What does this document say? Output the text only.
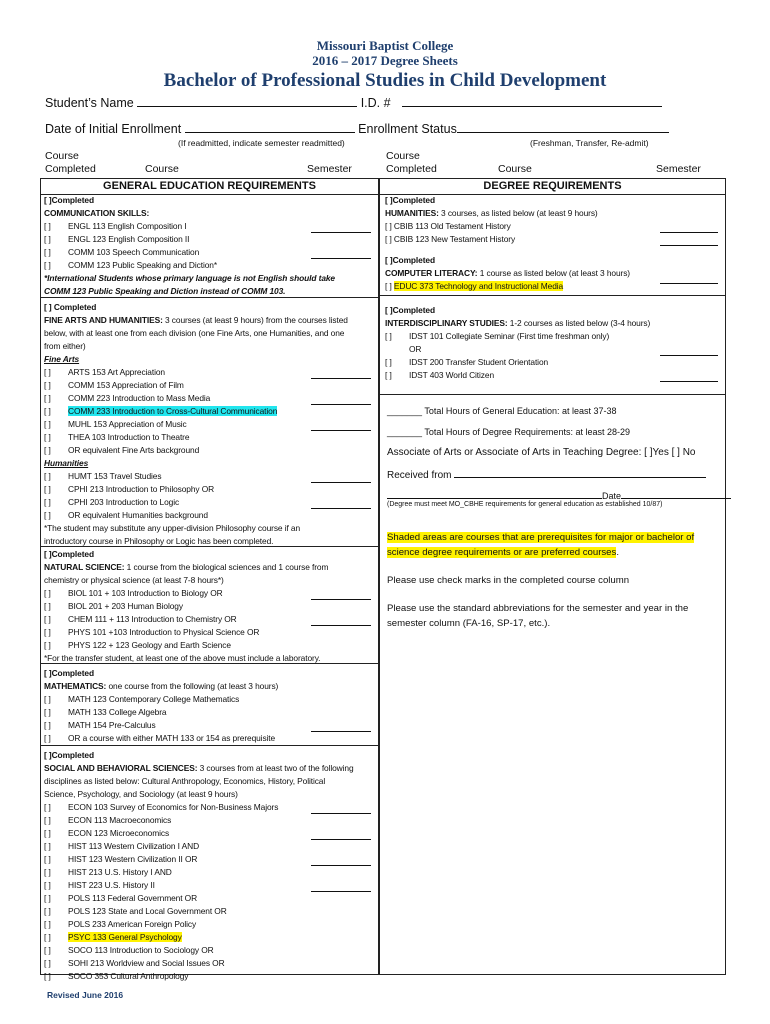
Missouri Baptist College
2016 – 2017 Degree Sheets
Bachelor of Professional Studies in Child Development
Student’s Name	I.D. #
Date of Initial Enrollment	Enrollment Status
(If readmitted, indicate semester readmitted)	(Freshman, Transfer, Re-admit)
Course
Completed	Course	Semester
Course
Completed	Course	Semester
GENERAL EDUCATION REQUIREMENTS
[ ]Completed
COMMUNICATION SKILLS:
[ ] ENGL 113 English Composition I
[ ] ENGL 123 English Composition II
[ ] COMM 103 Speech Communication
[ ] COMM 123 Public Speaking and Diction*
*International Students whose primary language is not English should take
COMM 123 Public Speaking and Diction instead of COMM 103.
[ ] Completed
FINE ARTS AND HUMANITIES: 3 courses (at least 9 hours) from the courses listed
below, with at least one from each division (one Fine Arts, one Humanities, and one
from either)
Fine Arts
[ ] ARTS 153 Art Appreciation
[ ] COMM 153 Appreciation of Film
[ ] COMM 223 Introduction to Mass Media
[ ] COMM 233 Introduction to Cross-Cultural Communication
[ ] MUHL 153 Appreciation of Music
[ ] THEA 103 Introduction to Theatre
[ ] OR equivalent Fine Arts background
Humanities
[ ] HUMT 153 Travel Studies
[ ] CPHI 213 Introduction to Philosophy OR
[ ] CPHI 203 Introduction to Logic
[ ] OR equivalent Humanities background
*The student may substitute any upper-division Philosophy course if an
introductory course in Philosophy or Logic has been completed.
[ ]Completed
NATURAL SCIENCE: 1 course from the biological sciences and 1 course from
chemistry or physical science (at least 7-8 hours*)
[ ] BIOL 101 + 103 Introduction to Biology OR
[ ] BIOL 201 + 203 Human Biology
[ ] CHEM 111 + 113 Introduction to Chemistry OR
[ ] PHYS 101 +103 Introduction to Physical Science OR
[ ] PHYS 122 + 123 Geology and Earth Science
*For the transfer student, at least one of the above must include a laboratory.
[ ]Completed
MATHEMATICS: one course from the following (at least 3 hours)
[ ] MATH 123 Contemporary College Mathematics
[ ] MATH 133 College Algebra
[ ] MATH 154 Pre-Calculus
[ ] OR a course with either MATH 133 or 154 as prerequisite
[ ]Completed
SOCIAL AND BEHAVIORAL SCIENCES: 3 courses from at least two of the following
disciplines as listed below: Cultural Anthropology, Economics, History, Political
Science, Psychology, and Sociology (at least 9 hours)
[ ] ECON 103 Survey of Economics for Non-Business Majors
[ ] ECON 113 Macroeconomics
[ ] ECON 123 Microeconomics
[ ] HIST 113 Western Civilization I AND
[ ] HIST 123 Western Civilization II OR
[ ] HIST 213 U.S. History I AND
[ ] HIST 223 U.S. History II
[ ] POLS 113 Federal Government OR
[ ] POLS 123 State and Local Government OR
[ ] POLS 233 American Foreign Policy
[ ] PSYC 133 General Psychology
[ ] SOCO 113 Introduction to Sociology OR
[ ] SOHI 213 Worldview and Social Issues OR
[ ] SOCO 353 Cultural Anthropology
DEGREE REQUIREMENTS
[ ]Completed
HUMANITIES: 3 courses, as listed below (at least 9 hours)
[ ] CBIB 113 Old Testament History
[ ] CBIB 123 New Testament History
[ ]Completed
COMPUTER LITERACY: 1 course as listed below (at least 3 hours)
[ ] EDUC 373 Technology and Instructional Media
[ ]Completed
INTERDISCIPLINARY STUDIES: 1-2 courses as listed below (3-4 hours)
[ ] IDST 101 Collegiate Seminar (First time freshman only)
OR
[ ] IDST 200 Transfer Student Orientation
[ ] IDST 403 World Citizen
_______ Total Hours of General Education: at least 37-38
_______ Total Hours of Degree Requirements: at least 28-29
Associate of Arts or Associate of Arts in Teaching Degree: [ ]Yes [ ] No
Received from
Date
(Degree must meet MO_CBHE requirements for general education as established 10/87)
Shaded areas are courses that are prerequisites for major or bachelor of
science degree requirements or are preferred courses.
Please use check marks in the completed course column
Please use the standard abbreviations for the semester and year in the
semester column (FA-16, SP-17, etc.).
Revised June 2016
